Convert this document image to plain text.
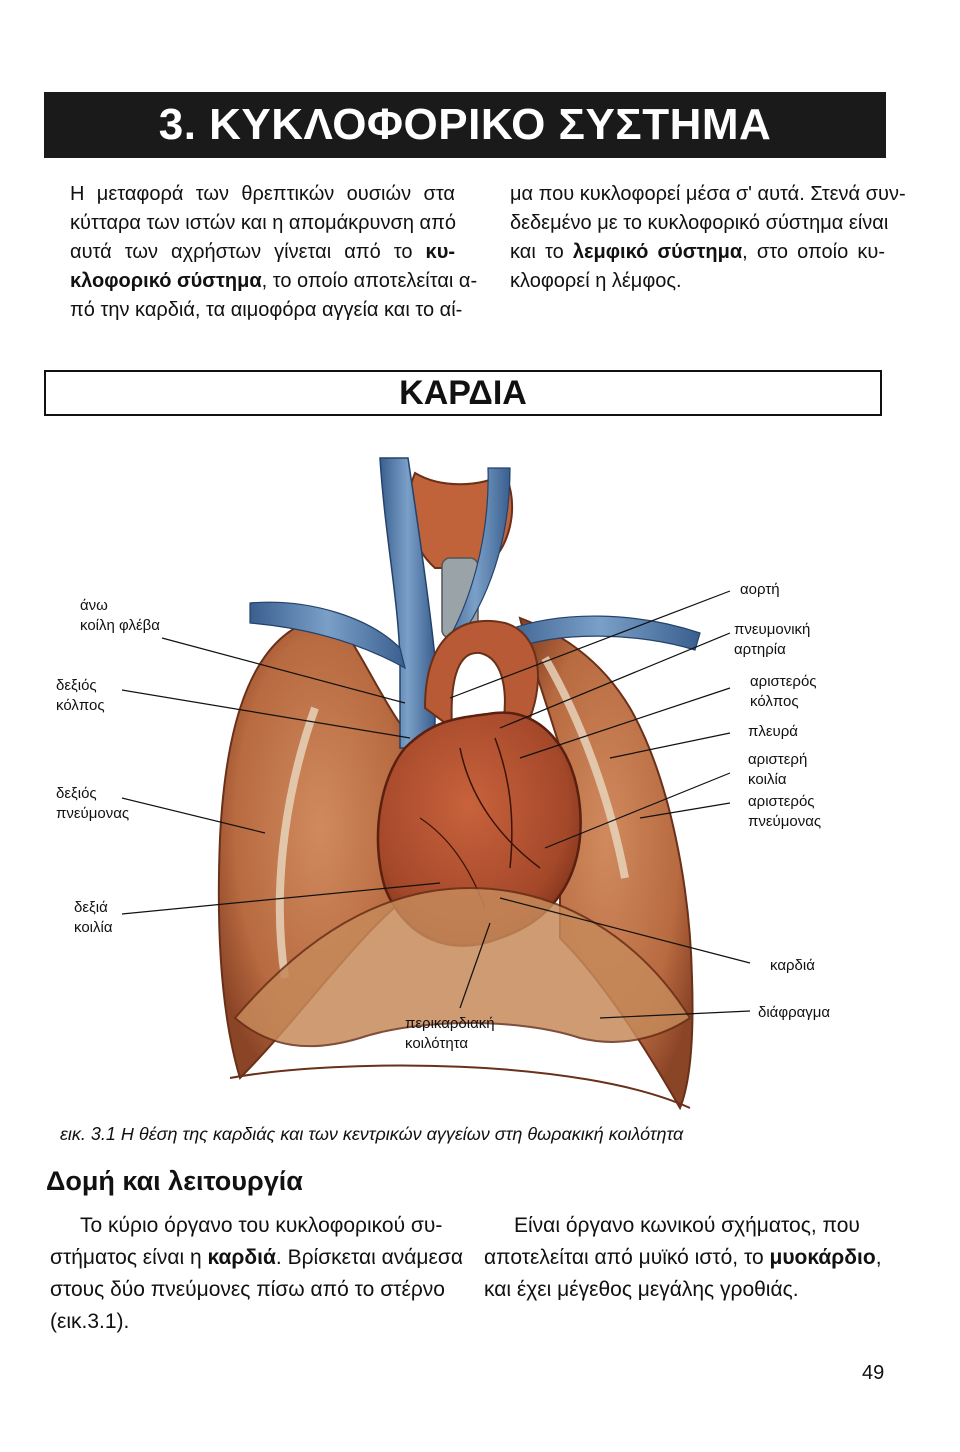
3. ΚΥΚΛΟΦΟΡΙΚΟ ΣΥΣΤΗΜΑ
Η μεταφορά των θρεπτικών ουσιών στα
κύτταρα των ιστών και η απομάκρυνση από
αυτά των αχρήστων γίνεται από το κυ-
κλοφορικό σύστημα, το οποίο αποτελείται α-
πό την καρδιά, τα αιμοφόρα αγγεία και το αί-
μα που κυκλοφορεί μέσα σ' αυτά. Στενά συν-
δεδεμένο με το κυκλοφορικό σύστημα είναι
και το λεμφικό σύστημα, στο οποίο κυ-
κλοφορεί η λέμφος.
ΚΑΡΔΙΑ
άνω
κοίλη φλέβα
δεξιός
κόλπος
δεξιός
πνεύμονας
δεξιά
κοιλία
περικαρδιακή
κοιλότητα
αορτή
πνευμονική
αρτηρία
αριστερός
κόλπος
πλευρά
αριστερή
κοιλία
αριστερός
πνεύμονας
καρδιά
διάφραγμα
εικ. 3.1 Η θέση της καρδιάς και των κεντρικών αγγείων στη θωρακική κοιλότητα
Δομή και λειτουργία
Το κύριο όργανο του κυκλοφορικού συ-
στήματος είναι η καρδιά. Βρίσκεται ανάμεσα
στους δύο πνεύμονες πίσω από το στέρνο
(εικ.3.1).
Είναι όργανο κωνικού σχήματος, που
αποτελείται από μυϊκό ιστό, το μυοκάρδιο,
και έχει μέγεθος μεγάλης γροθιάς.
49
